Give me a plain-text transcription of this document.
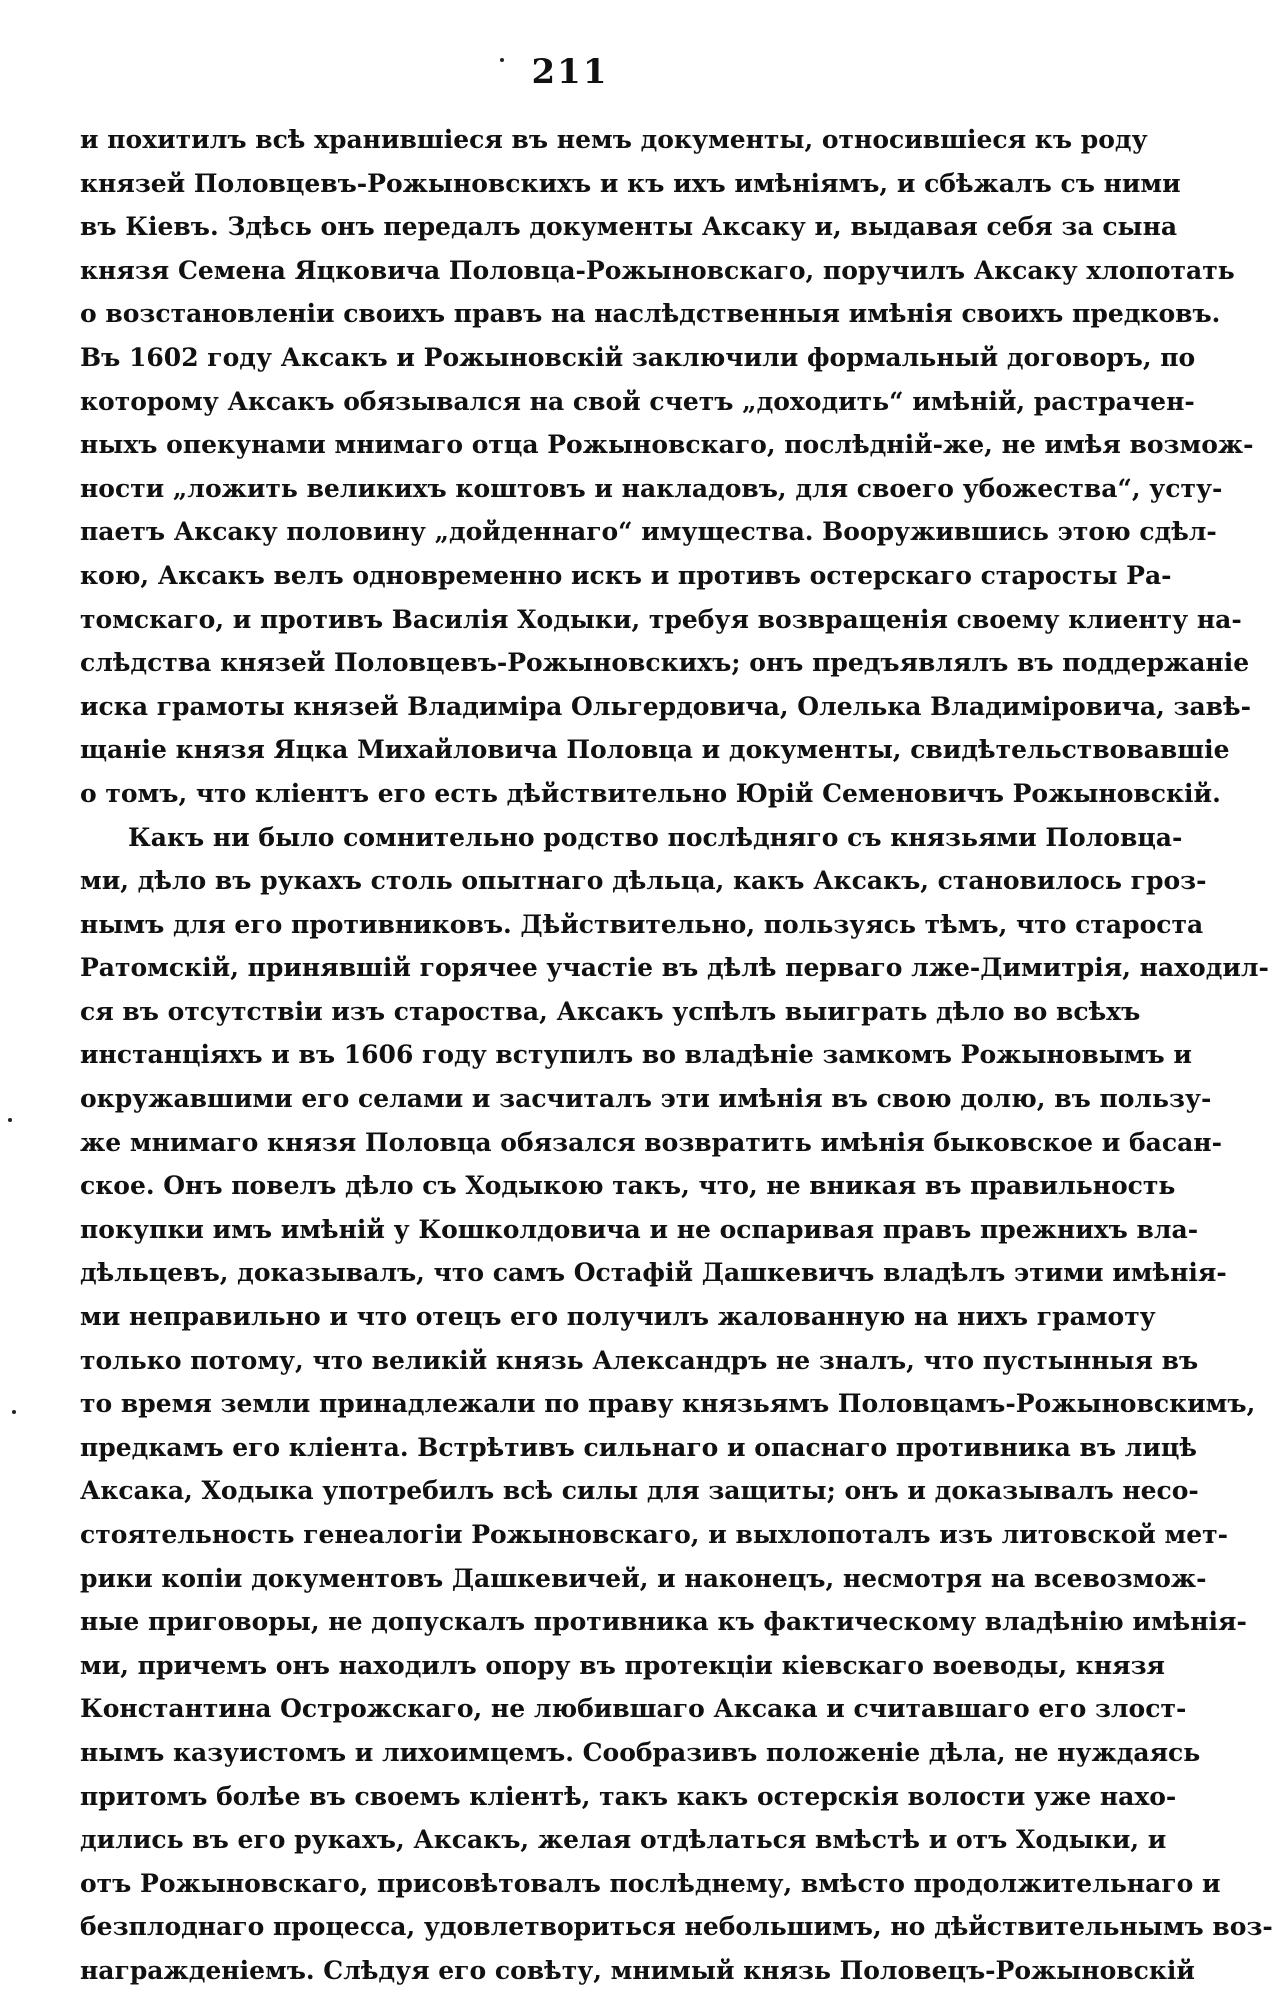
211
и похитилъ всѣ хранившіеся въ немъ документы, относившіеся къ роду
князей Половцевъ-Рожыновскихъ и къ ихъ имѣніямъ, и сбѣжалъ съ ними
въ Кіевъ. Здѣсь онъ передалъ документы Аксаку и, выдавая себя за сына
князя Семена Яцковича Половца-Рожыновскаго, поручилъ Аксаку хлопотать
о возстановленіи своихъ правъ на наслѣдственныя имѣнія своихъ предковъ.
Въ 1602 году Аксакъ и Рожыновскій заключили формальный договоръ, по
которому Аксакъ обязывался на свой счетъ „доходить“ имѣній, растрачен-
ныхъ опекунами мнимаго отца Рожыновскаго, послѣдній-же, не имѣя возмож-
ности „ложить великихъ коштовъ и накладовъ, для своего убожества“, усту-
паетъ Аксаку половину „дойденнаго“ имущества. Вооружившись этою сдѣл-
кою, Аксакъ велъ одновременно искъ и противъ остерскаго старосты Ра-
томскаго, и противъ Василія Ходыки, требуя возвращенія своему клиенту на-
слѣдства князей Половцевъ-Рожыновскихъ; онъ предъявлялъ въ поддержаніе
иска грамоты князей Владиміра Ольгердовича, Олелька Владиміровича, завѣ-
щаніе князя Яцка Михайловича Половца и документы, свидѣтельствовавшіе
о томъ, что кліентъ его есть дѣйствительно Юрій Семеновичъ Рожыновскій.
Какъ ни было сомнительно родство послѣдняго съ князьями Половца-
ми, дѣло въ рукахъ столь опытнаго дѣльца, какъ Аксакъ, становилось гроз-
нымъ для его противниковъ. Дѣйствительно, пользуясь тѣмъ, что староста
Ратомскій, принявшій горячее участіе въ дѣлѣ перваго лже-Димитрія, находил-
ся въ отсутствіи изъ староства, Аксакъ успѣлъ выиграть дѣло во всѣхъ
инстанціяхъ и въ 1606 году вступилъ во владѣніе замкомъ Рожыновымъ и
окружавшими его селами и засчиталъ эти имѣнія въ свою долю, въ пользу-
же мнимаго князя Половца обязался возвратить имѣнія быковское и басан-
ское. Онъ повелъ дѣло съ Ходыкою такъ, что, не вникая въ правильность
покупки имъ имѣній у Кошколдовича и не оспаривая правъ прежнихъ вла-
дѣльцевъ, доказывалъ, что самъ Остафій Дашкевичъ владѣлъ этими имѣнія-
ми неправильно и что отецъ его получилъ жалованную на нихъ грамоту
только потому, что великій князь Александръ не зналъ, что пустынныя въ
то время земли принадлежали по праву князьямъ Половцамъ-Рожыновскимъ,
предкамъ его кліента. Встрѣтивъ сильнаго и опаснаго противника въ лицѣ
Аксака, Ходыка употребилъ всѣ силы для защиты; онъ и доказывалъ несо-
стоятельность генеалогіи Рожыновскаго, и выхлопоталъ изъ литовской мет-
рики копіи документовъ Дашкевичей, и наконецъ, несмотря на всевозмож-
ные приговоры, не допускалъ противника къ фактическому владѣнію имѣнія-
ми, причемъ онъ находилъ опору въ протекціи кіевскаго воеводы, князя
Константина Острожскаго, не любившаго Аксака и считавшаго его злост-
нымъ казуистомъ и лихоимцемъ. Сообразивъ положеніе дѣла, не нуждаясь
притомъ болѣе въ своемъ кліентѣ, такъ какъ остерскія волости уже нахо-
дились въ его рукахъ, Аксакъ, желая отдѣлаться вмѣстѣ и отъ Ходыки, и
отъ Рожыновскаго, присовѣтовалъ послѣднему, вмѣсто продолжительнаго и
безплоднаго процесса, удовлетвориться небольшимъ, но дѣйствительнымъ воз-
награжденіемъ. Слѣдуя его совѣту, мнимый князь Половецъ-Рожыновскій
